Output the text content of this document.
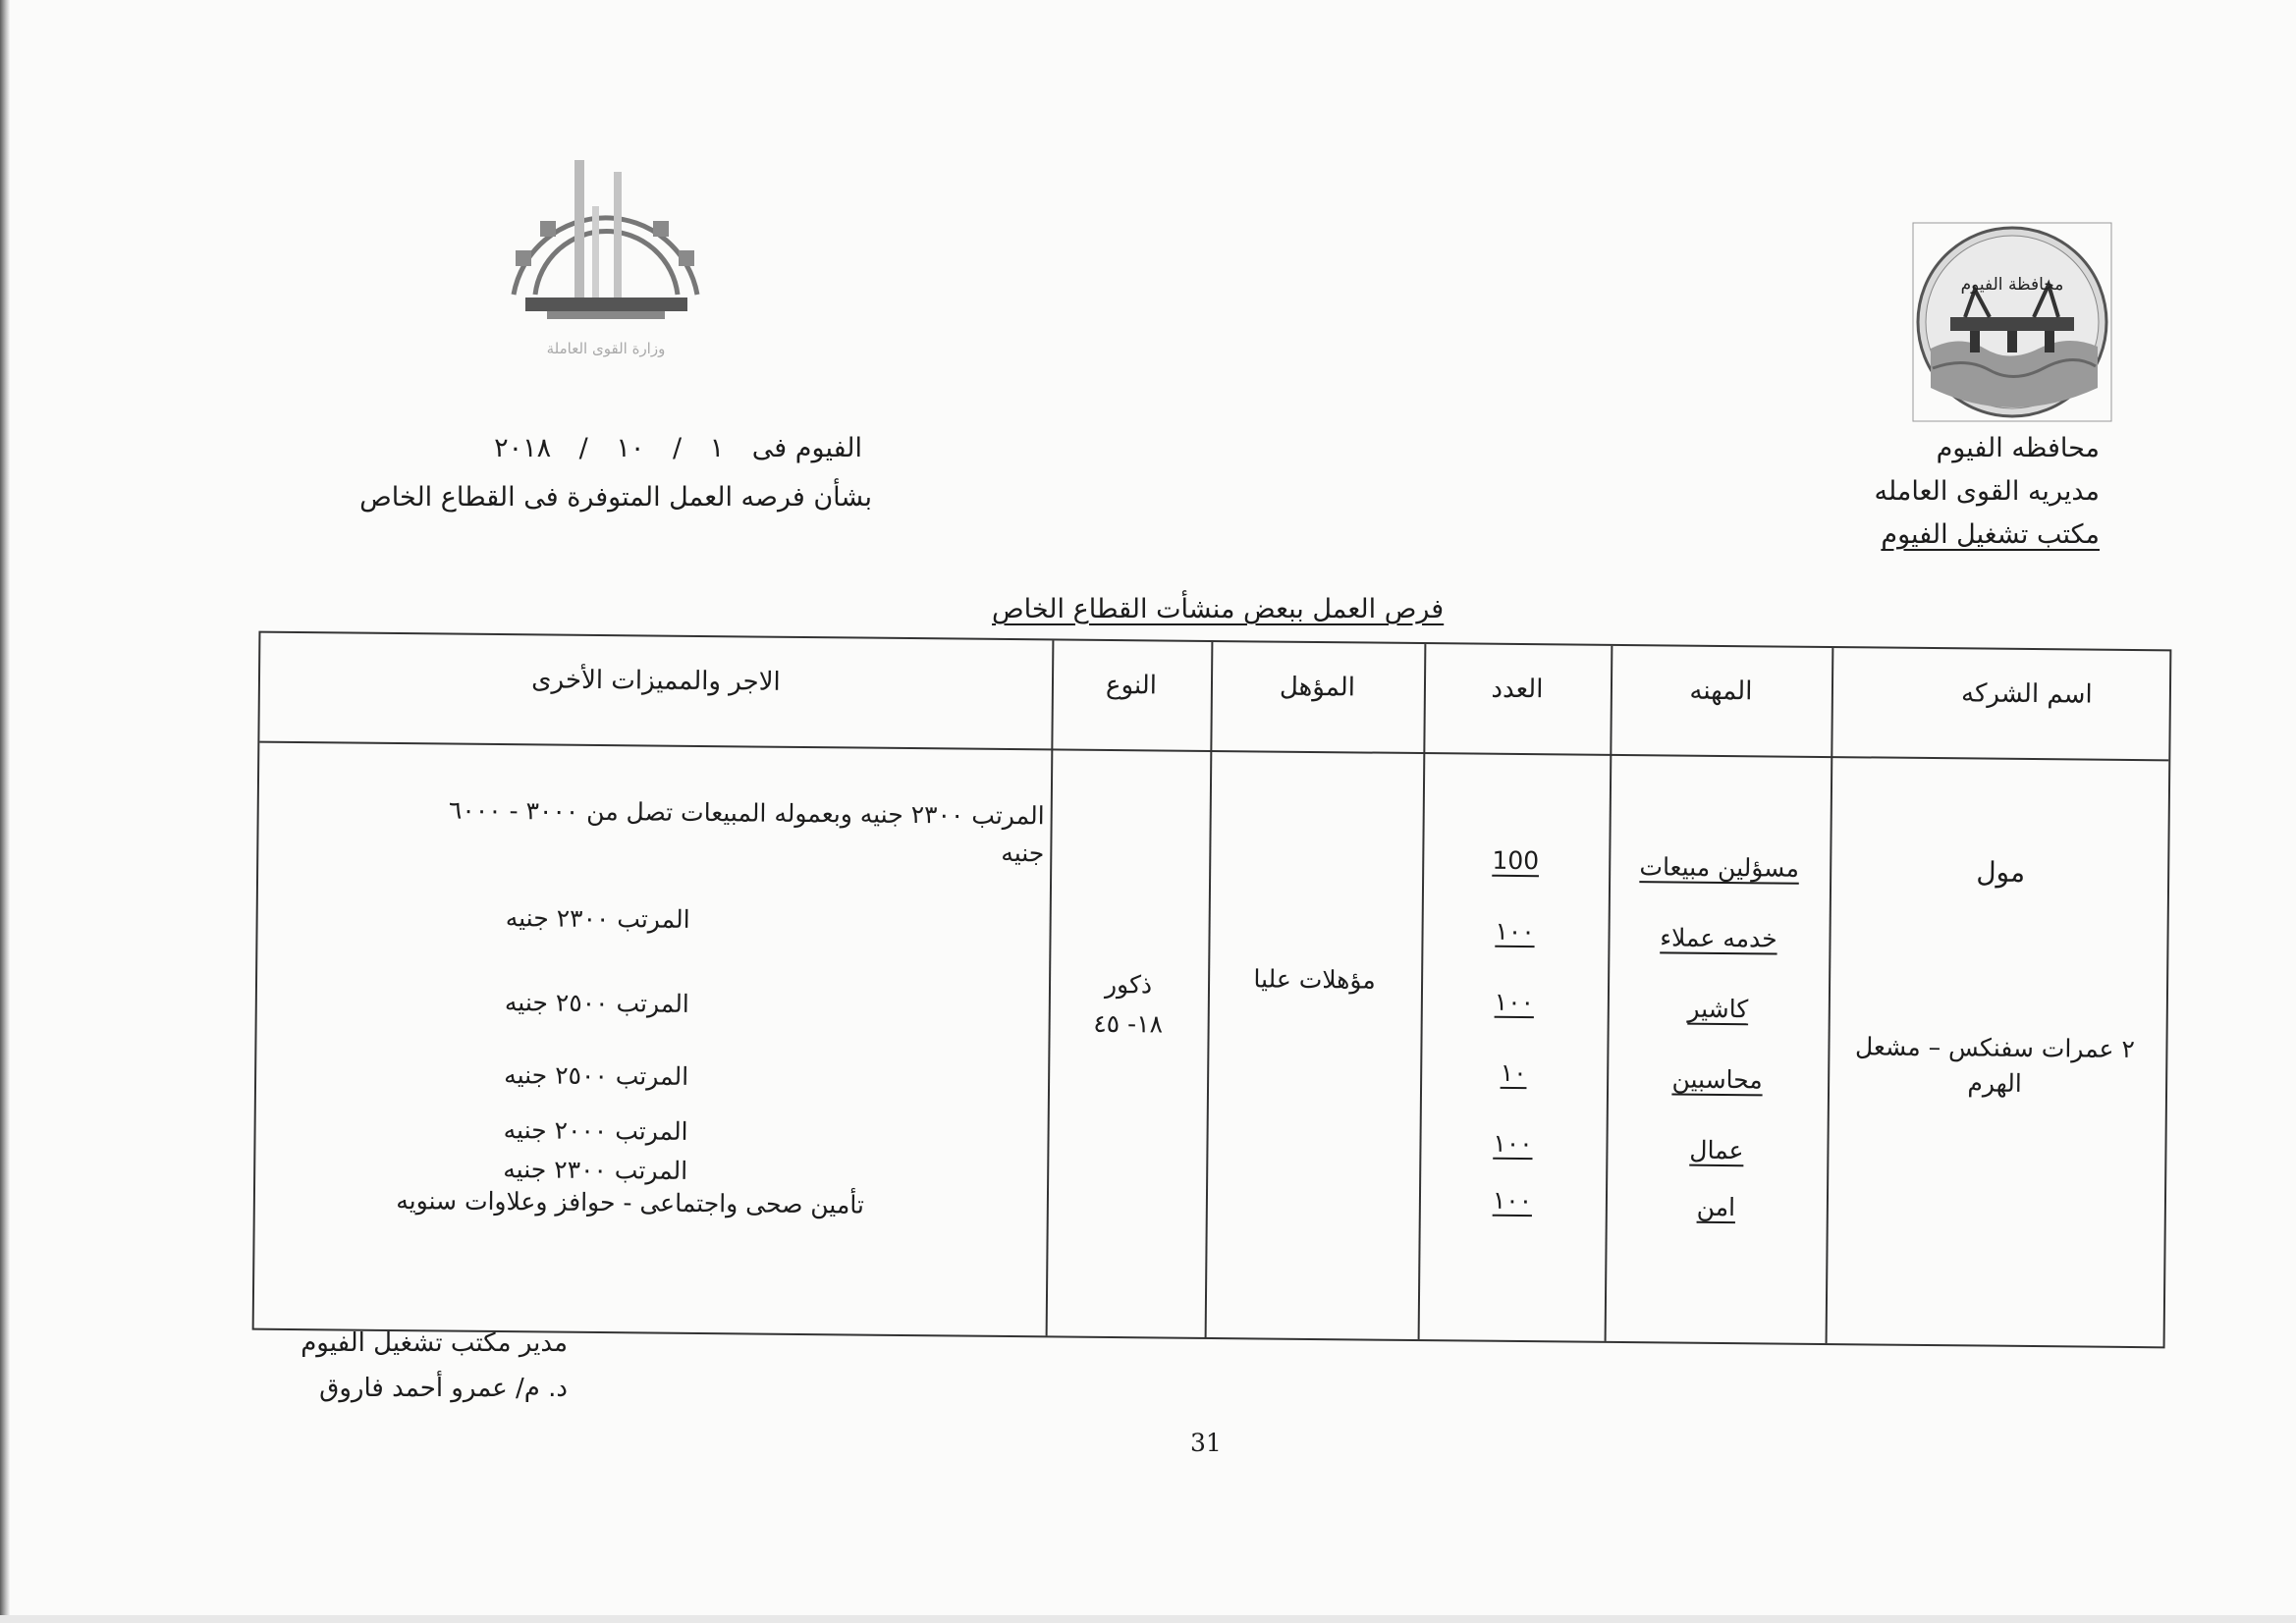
محافظة الفيوم
محافظه الفيوم
مديريه القوى العامله
مكتب تشغيل الفيوم
وزارة القوى العاملة
الفيوم فى ١ / ١٠ / ٢٠١٨
بشأن فرصه العمل المتوفرة فى القطاع الخاص
فرص العمل ببعض منشأت القطاع الخاص
اسم الشركه
المهنه
العدد
المؤهل
النوع
الاجر والمميزات الأخرى
مول
٢ عمرات سفنكس – مشعل الهرم
مسؤلين مبيعات
خدمه عملاء
كاشير
محاسبين
عمال
امن
100
١٠٠
١٠٠
١٠
١٠٠
١٠٠
مؤهلات عليا
ذكور
١٨- ٤٥
المرتب ٢٣٠٠ جنيه وبعموله المبيعات تصل من ٣٠٠٠ - ٦٠٠٠
جنيه
المرتب ٢٣٠٠ جنيه
المرتب ٢٥٠٠ جنيه
المرتب ٢٥٠٠ جنيه
المرتب ٢٠٠٠ جنيه
المرتب ٢٣٠٠ جنيه
تأمين صحى واجتماعى - حوافز وعلاوات سنويه
مدير مكتب تشغيل الفيوم
د. م/ عمرو أحمد فاروق
31
